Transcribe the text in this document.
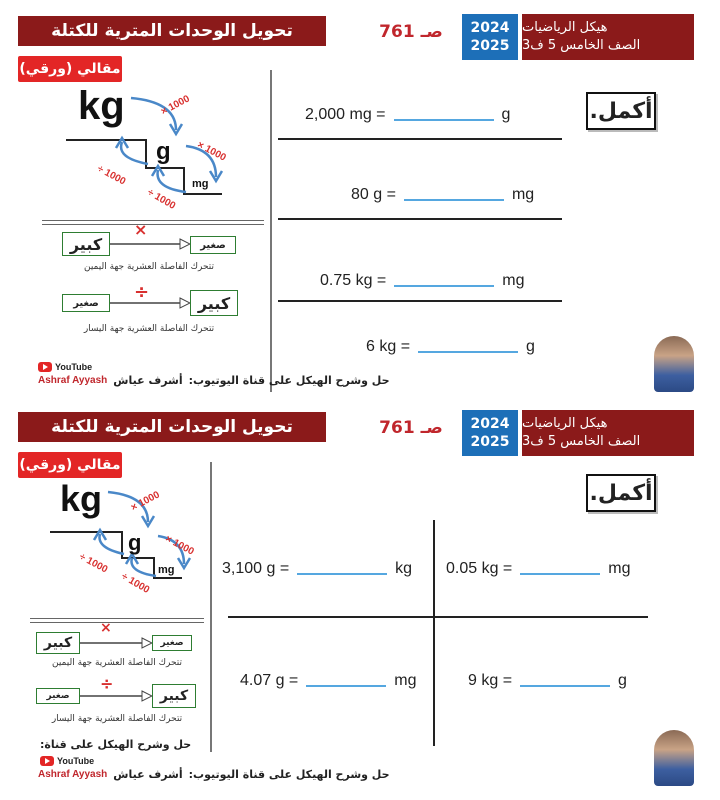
تحويل الوحدات المترية للكتلة	صـ 761 2024
2025
هيكل الرياضيات
الصف الخامس 5 ف3
مقالي (ورقي)
kg
g
mg
× 1000
× 1000
÷ 1000
÷ 1000
كبير
×
صغير
تتحرك الفاصلة العشرية جهة اليمين
صغير	÷	كبير
تتحرك الفاصلة العشرية جهة اليسار
أكمل.
2,000 mg =	g
80 g =	mg
0.75 kg =	mg
6 kg =	g
YouTube
Ashraf Ayyash أشرف عياش حل وشرح الهيكل على قناة اليوتيوب:
تحويل الوحدات المترية للكتلة	صـ 761 2024
2025
هيكل الرياضيات
الصف الخامس 5 ف3
مقالي (ورقي)
kg
g
mg
× 1000
× 1000
÷ 1000
÷ 1000
كبير
×
صغير
تتحرك الفاصلة العشرية جهة اليمين
صغير
÷
كبير
تتحرك الفاصلة العشرية جهة اليسار
حل وشرح الهيكل على قناة:
أكمل.
3,100 g =	kg 0.05 kg =	mg
4.07 g =	mg	9 kg =	g
YouTube
Ashraf Ayyash أشرف عياش حل وشرح الهيكل على قناة اليوتيوب:
